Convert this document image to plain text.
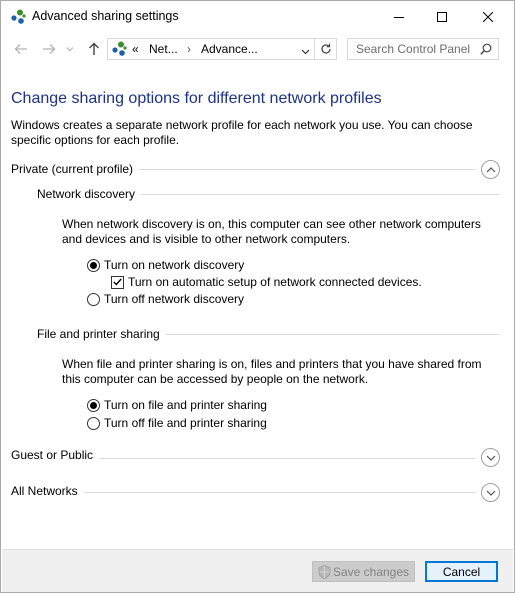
Advanced sharing settings
« Net... › Advance...	Search Control Panel
Change sharing options for different network profiles
Windows creates a separate network profile for each network you use. You can choose specific options for each profile.
Private (current profile)
Network discovery
When network discovery is on, this computer can see other network computers and devices and is visible to other network computers.
Turn on network discovery
Turn on automatic setup of network connected devices.
Turn off network discovery
File and printer sharing
When file and printer sharing is on, files and printers that you have shared from this computer can be accessed by people on the network.
Turn on file and printer sharing
Turn off file and printer sharing
Guest or Public
All Networks
Save changes	Cancel
